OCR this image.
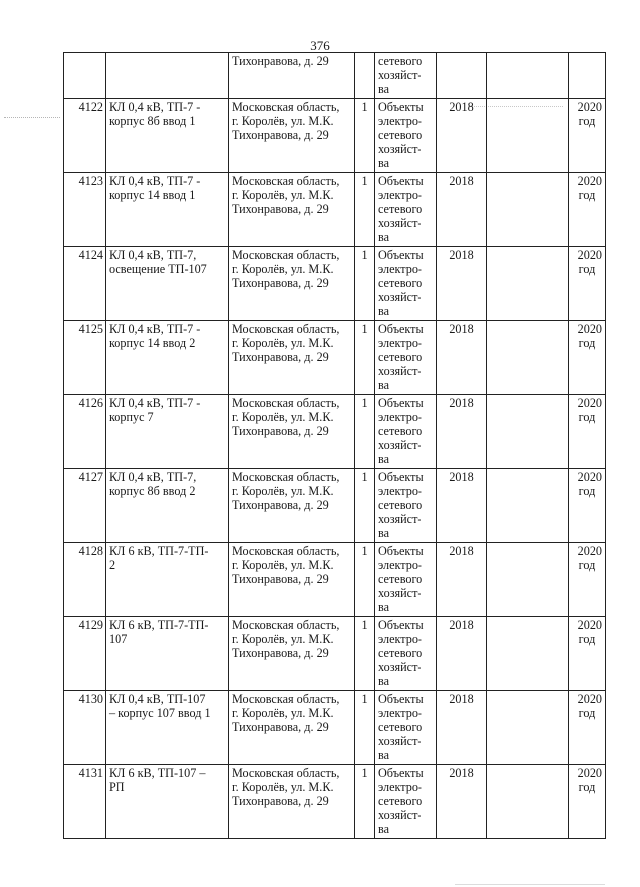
376

		Тихонравова, д. 29		сетевого
хозяйст-
ва			

4122	КЛ 0,4 кВ, ТП-7 -
корпус 8б ввод 1	Московская область,
г. Королёв, ул. М.К.
Тихонравова, д. 29	1	Объекты
электро-
сетевого
хозяйст-
ва	2018		2020
год

4123	КЛ 0,4 кВ, ТП-7 -
корпус 14 ввод 1	Московская область,
г. Королёв, ул. М.К.
Тихонравова, д. 29	1	Объекты
электро-
сетевого
хозяйст-
ва	2018		2020
год

4124	КЛ 0,4 кВ, ТП-7,
освещение ТП-107	Московская область,
г. Королёв, ул. М.К.
Тихонравова, д. 29	1	Объекты
электро-
сетевого
хозяйст-
ва	2018		2020
год

4125	КЛ 0,4 кВ, ТП-7 -
корпус 14 ввод 2	Московская область,
г. Королёв, ул. М.К.
Тихонравова, д. 29	1	Объекты
электро-
сетевого
хозяйст-
ва	2018		2020
год

4126	КЛ 0,4 кВ, ТП-7 -
корпус 7	Московская область,
г. Королёв, ул. М.К.
Тихонравова, д. 29	1	Объекты
электро-
сетевого
хозяйст-
ва	2018		2020
год

4127	КЛ 0,4 кВ, ТП-7,
корпус 8б ввод 2	Московская область,
г. Королёв, ул. М.К.
Тихонравова, д. 29	1	Объекты
электро-
сетевого
хозяйст-
ва	2018		2020
год

4128	КЛ 6 кВ, ТП-7-ТП-
2	Московская область,
г. Королёв, ул. М.К.
Тихонравова, д. 29	1	Объекты
электро-
сетевого
хозяйст-
ва	2018		2020
год

4129	КЛ 6 кВ, ТП-7-ТП-
107	Московская область,
г. Королёв, ул. М.К.
Тихонравова, д. 29	1	Объекты
электро-
сетевого
хозяйст-
ва	2018		2020
год

4130	КЛ 0,4 кВ, ТП-107
– корпус 107 ввод 1	Московская область,
г. Королёв, ул. М.К.
Тихонравова, д. 29	1	Объекты
электро-
сетевого
хозяйст-
ва	2018		2020
год

4131	КЛ 6 кВ, ТП-107 –
РП	Московская область,
г. Королёв, ул. М.К.
Тихонравова, д. 29	1	Объекты
электро-
сетевого
хозяйст-
ва	2018		2020
год
